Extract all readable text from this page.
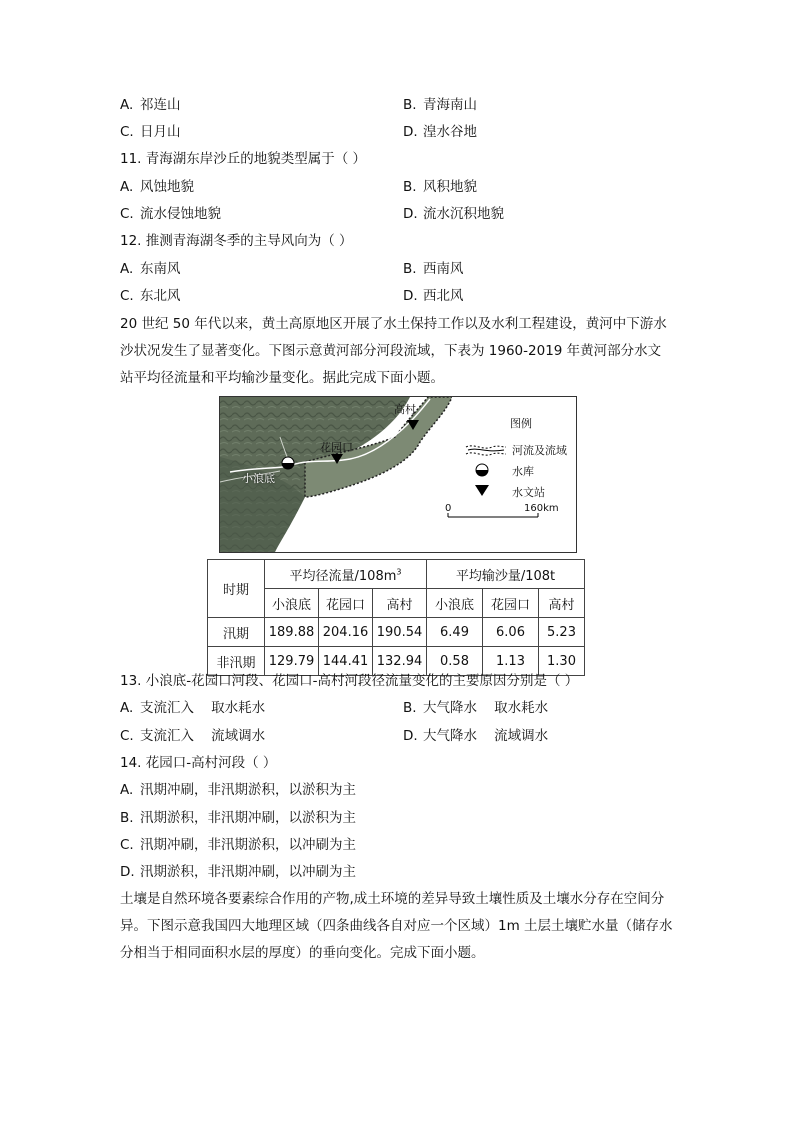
A. 祁连山	B. 青海南山
C. 日月山	D. 湟水谷地
11. 青海湖东岸沙丘的地貌类型属于（ ）
A. 风蚀地貌	B. 风积地貌
C. 流水侵蚀地貌	D. 流水沉积地貌
12. 推测青海湖冬季的主导风向为（ ）
A. 东南风	B. 西南风
C. 东北风	D. 西北风
20 世纪 50 年代以来，黄土高原地区开展了水土保持工作以及水利工程建设，黄河中下游水沙状况发生了显著变化。下图示意黄河部分河段流域，下表为 1960-2019 年黄河部分水文站平均径流量和平均输沙量变化。据此完成下面小题。
高村
花园口
小浪底
图例
河流及流域
水库
水文站
0	160km
时期	平均径流量$/108m^3$			平均输沙量/108t		
	小浪底	花园口	高村	小浪底	花园口	高村
汛期	189.88	204.16	190.54	6.49	6.06	5.23
非汛期	129.79	144.41	132.94	0.58	1.13	1.30
13. 小浪底-花园口河段、花园口-高村河段径流量变化的主要原因分别是（ ）
A. 支流汇入    取水耗水	B. 大气降水    取水耗水
C. 支流汇入    流域调水	D. 大气降水    流域调水
14. 花园口-高村河段（ ）
A. 汛期冲刷，非汛期淤积，以淤积为主
B. 汛期淤积，非汛期冲刷，以淤积为主
C. 汛期冲刷，非汛期淤积，以冲刷为主
D. 汛期淤积，非汛期冲刷，以冲刷为主
土壤是自然环境各要素综合作用的产物,成土环境的差异导致土壤性质及土壤水分存在空间分异。下图示意我国四大地理区域（四条曲线各自对应一个区域）1m 土层土壤贮水量（储存水分相当于相同面积水层的厚度）的垂向变化。完成下面小题。
